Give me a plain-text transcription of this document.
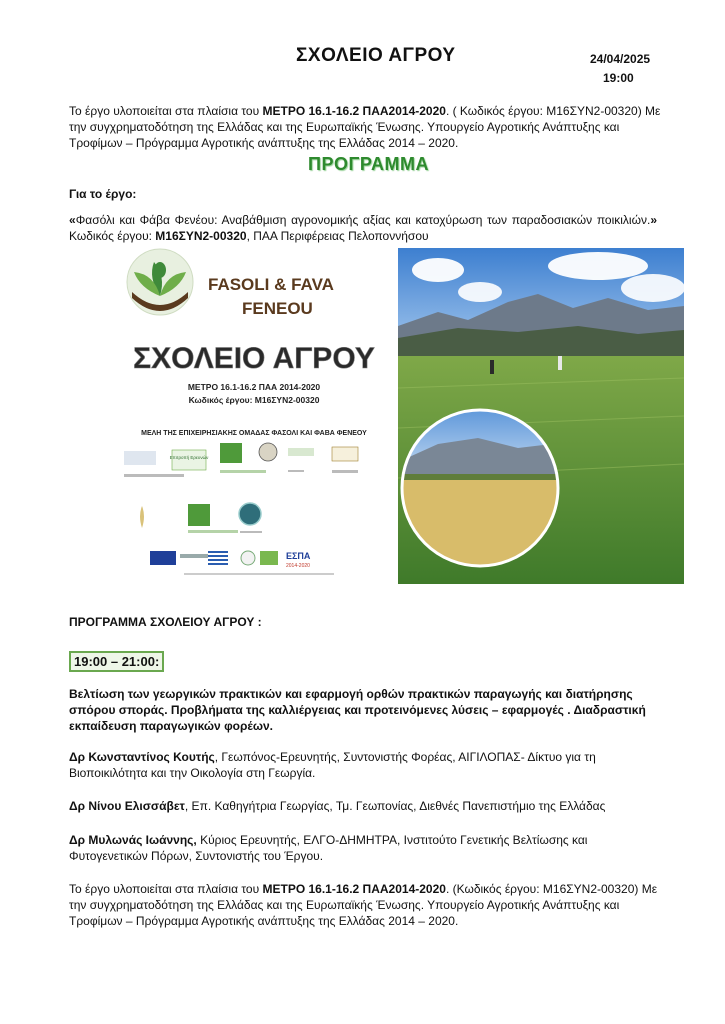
ΣΧΟΛΕΙΟ ΑΓΡΟΥ	24/04/2025
19:00
Το έργο υλοποιείται στα πλαίσια του ΜΕΤΡΟ 16.1-16.2 ΠΑΑ2014-2020. ( Κωδικός έργου: Μ16ΣΥΝ2-00320) Με την συγχρηματοδότηση της Ελλάδας και της Ευρωπαϊκής Ένωσης. Υπουργείο Αγροτικής Ανάπτυξης και Τροφίμων – Πρόγραμμα Αγροτικής ανάπτυξης της Ελλάδας 2014 – 2020.
ΠΡΟΓΡΑΜΜΑ
Για το έργο:
«Φασόλι και Φάβα Φενέου: Αναβάθμιση αγρονομικής αξίας και κατοχύρωση των παραδοσιακών ποικιλιών.» Κωδικός έργου: Μ16ΣΥΝ2-00320, ΠΑΑ Περιφέρειας Πελοποννήσου
FASOLI & FAVA
FENEOU
ΣΧΟΛΕΙΟ ΑΓΡΟΥ
ΜΕΤΡΟ 16.1-16.2 ΠΑΑ 2014-2020
Κωδικός έργου: Μ16ΣΥΝ2-00320
ΜΕΛΗ ΤΗΣ ΕΠΙΧΕΙΡΗΣΙΑΚΗΣ ΟΜΑΔΑΣ ΦΑΣΟΛΙ ΚΑΙ ΦΑΒΑ ΦΕΝΕΟΥ
Επιτροπή Ερευνών
ΕΣΠΑ
2014-2020
ΠΡΟΓΡΑΜΜΑ ΣΧΟΛΕΙΟΥ ΑΓΡΟΥ :
19:00 – 21:00:
Βελτίωση των γεωργικών πρακτικών και εφαρμογή ορθών πρακτικών παραγωγής και διατήρησης σπόρου σποράς. Προβλήματα της καλλιέργειας και προτεινόμενες λύσεις – εφαρμογές . Διαδραστική εκπαίδευση παραγωγικών φορέων.
Δρ Κωνσταντίνος Κουτής, Γεωπόνος-Ερευνητής, Συντονιστής Φορέας, ΑΙΓΙΛΟΠΑΣ- Δίκτυο για τη Βιοποικιλότητα και την Οικολογία στη Γεωργία.
Δρ Νίνου Ελισσάβετ, Επ. Καθηγήτρια Γεωργίας, Τμ. Γεωπονίας, Διεθνές Πανεπιστήμιο της Ελλάδας
Δρ Μυλωνάς Ιωάννης, Κύριος Ερευνητής, ΕΛΓΟ-ΔΗΜΗΤΡΑ, Ινστιτούτο Γενετικής Βελτίωσης και Φυτογενετικών Πόρων, Συντονιστής του Έργου.
Το έργο υλοποιείται στα πλαίσια του ΜΕΤΡΟ 16.1-16.2 ΠΑΑ2014-2020. (Κωδικός έργου: Μ16ΣΥΝ2-00320) Με την συγχρηματοδότηση της Ελλάδας και της Ευρωπαϊκής Ένωσης. Υπουργείο Αγροτικής Ανάπτυξης και Τροφίμων – Πρόγραμμα Αγροτικής ανάπτυξης της Ελλάδας 2014 – 2020.
